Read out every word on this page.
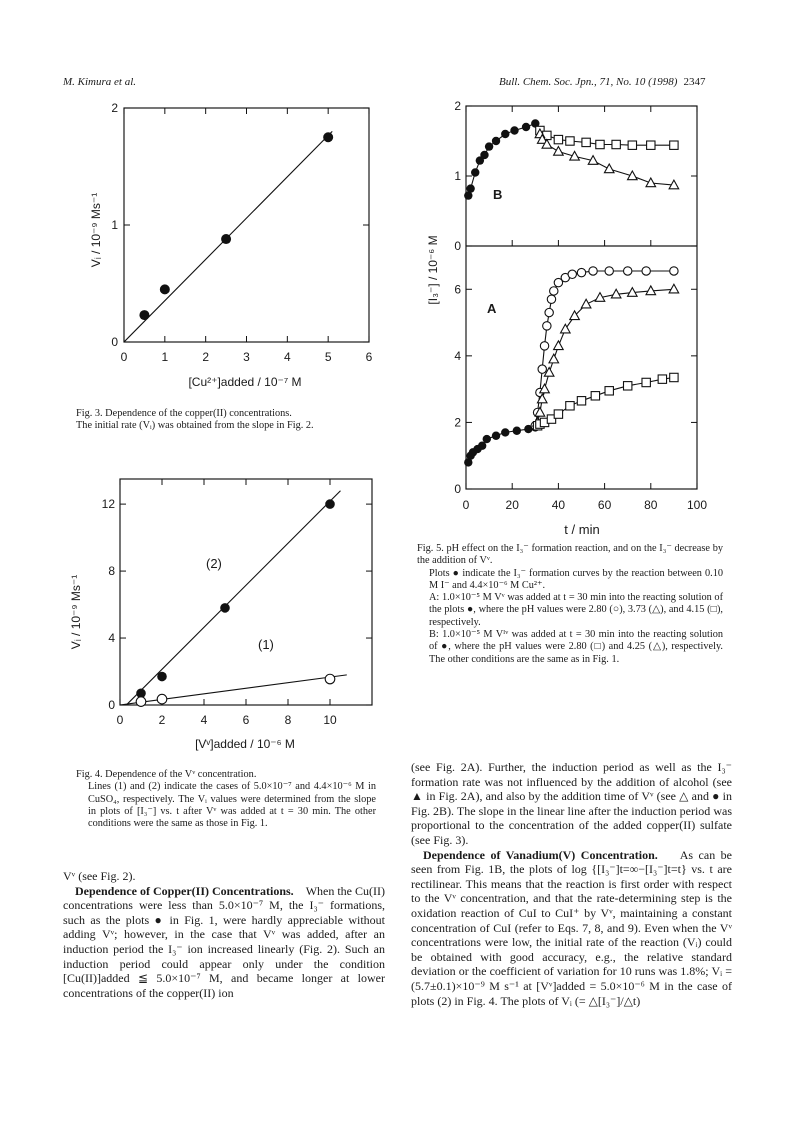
M. Kimura et al.	Bull. Chem. Soc. Jpn., 71, No. 10 (1998) 2347
Vᵢ / 10⁻⁹ Ms⁻¹
[Cu²⁺]added / 10⁻⁷ M
0	1	2	3	4	5	6
0
1
2

Fig. 3. Dependence of the copper(II) concentrations.

The initial rate (Vᵢ) was obtained from the slope in Fig. 2.

Vᵢ / 10⁻⁹ Ms⁻¹
[Vᵛ]added / 10⁻⁶ M
(2)
(1)
0	2	4	6	8	10
0
4
8
12

Fig. 4. Dependence of the Vᵛ concentration.

Lines (1) and (2) indicate the cases of 5.0×10⁻⁷ and 4.4×10⁻⁶ M in CuSO₄, respectively. The Vᵢ values were determined from the slope in plots of [I₃⁻] vs. t after Vᵛ was added at t = 30 min. The other conditions were the same as those in Fig. 1.

[I₃⁻] / 10⁻⁶ M
t / min
B
A
0	20	40	60	80 100
0
1
2
0
2
4
6

Fig. 5. pH effect on the I₃⁻ formation reaction, and on the I₃⁻ decrease by the addition of Vᵛ.

Plots ● indicate the I₃⁻ formation curves by the reaction between 0.10 M I⁻ and 4.4×10⁻⁶ M Cu²⁺.

A: 1.0×10⁻⁵ M Vᵛ was added at t = 30 min into the reacting solution of the plots ●, where the pH values were 2.80 (○), 3.73 (△), and 4.15 (□), respectively.

B: 1.0×10⁻⁵ M Vᴵᵛ was added at t = 30 min into the reacting solution of ●, where the pH values were 2.80 (□) and 4.25 (△), respectively. The other conditions are the same as in Fig. 1.

Vᵛ (see Fig. 2).

Dependence of Copper(II) Concentrations. When the Cu(II) concentrations were less than 5.0×10⁻⁷ M, the I₃⁻ formations, such as the plots ● in Fig. 1, were hardly appreciable without adding Vᵛ; however, in the case that Vᵛ was added, after an induction period the I₃⁻ ion increased linearly (Fig. 2). Such an induction period could appear only under the condition [Cu(II)]added ≦ 5.0×10⁻⁷ M, and became longer at lower concentrations of the copper(II) ion

(see Fig. 2A). Further, the induction period as well as the I₃⁻ formation rate was not influenced by the addition of alcohol (see ▲ in Fig. 2A), and also by the addition time of Vᵛ (see △ and ● in Fig. 2B). The slope in the linear line after the induction period was proportional to the concentration of the added copper(II) sulfate (see Fig. 3).

Dependence of Vanadium(V) Concentration. As can be seen from Fig. 1B, the plots of log {[I₃⁻]t=∞−[I₃⁻]t=t} vs. t are rectilinear. This means that the reaction is first order with respect to the Vᵛ concentration, and that the rate-determining step is the oxidation reaction of CuI to CuI⁺ by Vᵛ, maintaining a constant concentration of CuI (refer to Eqs. 7, 8, and 9). Even when the Vᵛ concentrations were low, the initial rate of the reaction (Vᵢ) could be obtained with good accuracy, e.g., the relative standard deviation or the coefficient of variation for 10 runs was 1.8%; Vᵢ = (5.7±0.1)×10⁻⁹ M s⁻¹ at [Vᵛ]added = 5.0×10⁻⁶ M in the case of plots (2) in Fig. 4. The plots of Vᵢ (= △[I₃⁻]/△t)
